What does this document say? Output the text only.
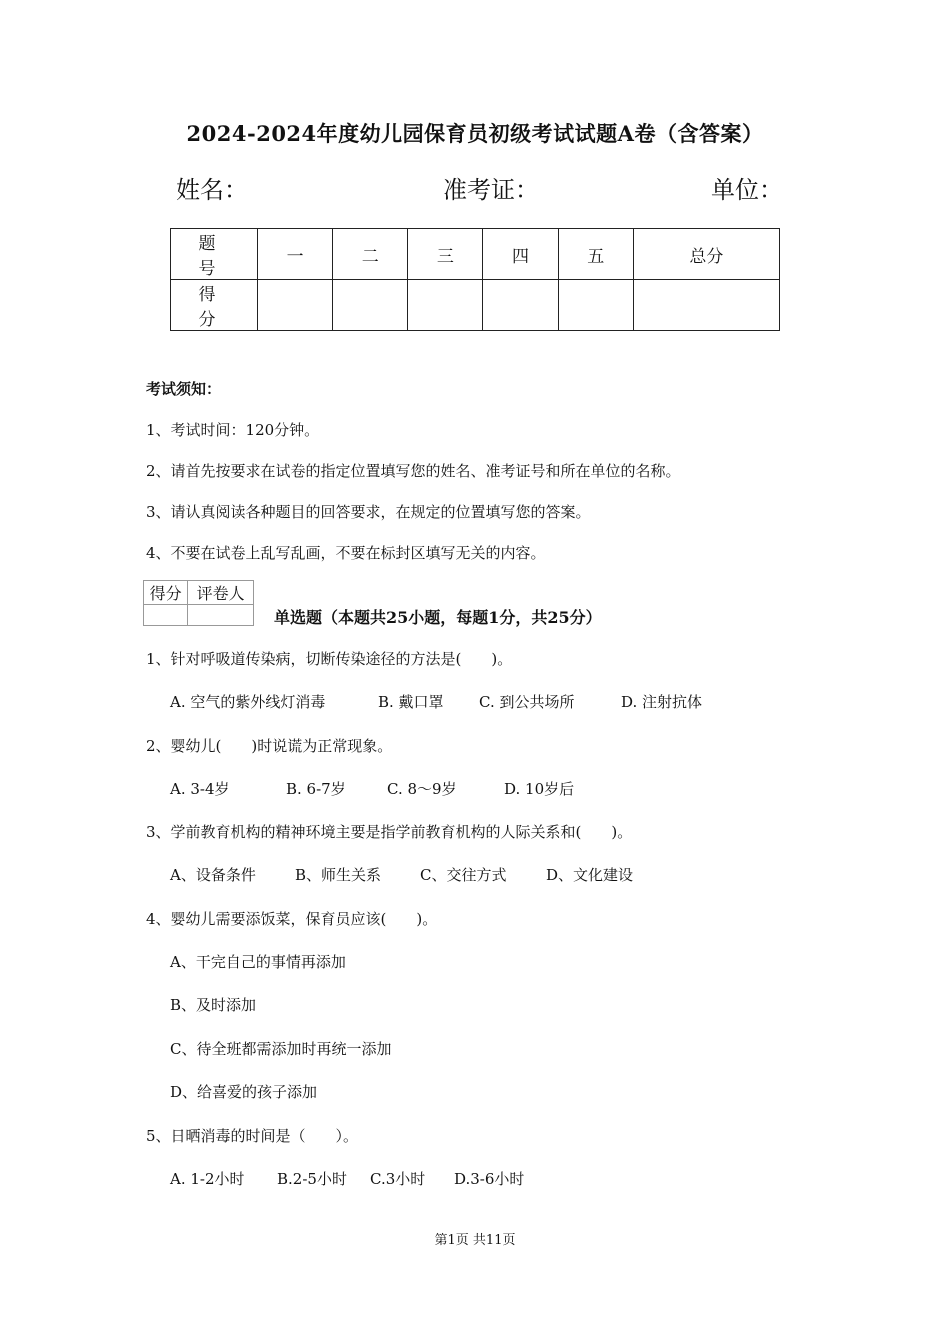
2024-2024年度幼儿园保育员初级考试试题A卷（含答案）
姓名：	准考证：	单位：
题　号	一	二	三	四	五	总分
得　分						
考试须知：
1、考试时间：120分钟。
2、请首先按要求在试卷的指定位置填写您的姓名、准考证号和所在单位的名称。
3、请认真阅读各种题目的回答要求，在规定的位置填写您的答案。
4、不要在试卷上乱写乱画，不要在标封区填写无关的内容。
得分	评卷人

单选题（本题共25小题，每题1分，共25分）
1、针对呼吸道传染病，切断传染途径的方法是(　　)。
A. 空气的紫外线灯消毒	B. 戴口罩 C. 到公共场所	D. 注射抗体
2、婴幼儿(　　)时说谎为正常现象。
A. 3-4岁	B. 6-7岁	C. 8～9岁	D. 10岁后
3、学前教育机构的精神环境主要是指学前教育机构的人际关系和(　　)。
A、设备条件	B、师生关系	C、交往方式	D、文化建设
4、婴幼儿需要添饭菜，保育员应该(　　)。
A、干完自己的事情再添加
B、及时添加
C、待全班都需添加时再统一添加
D、给喜爱的孩子添加
5、日晒消毒的时间是（　　）。
A. 1-2小时 B.2-5小时 C.3小时 D.3-6小时
第1页 共11页
